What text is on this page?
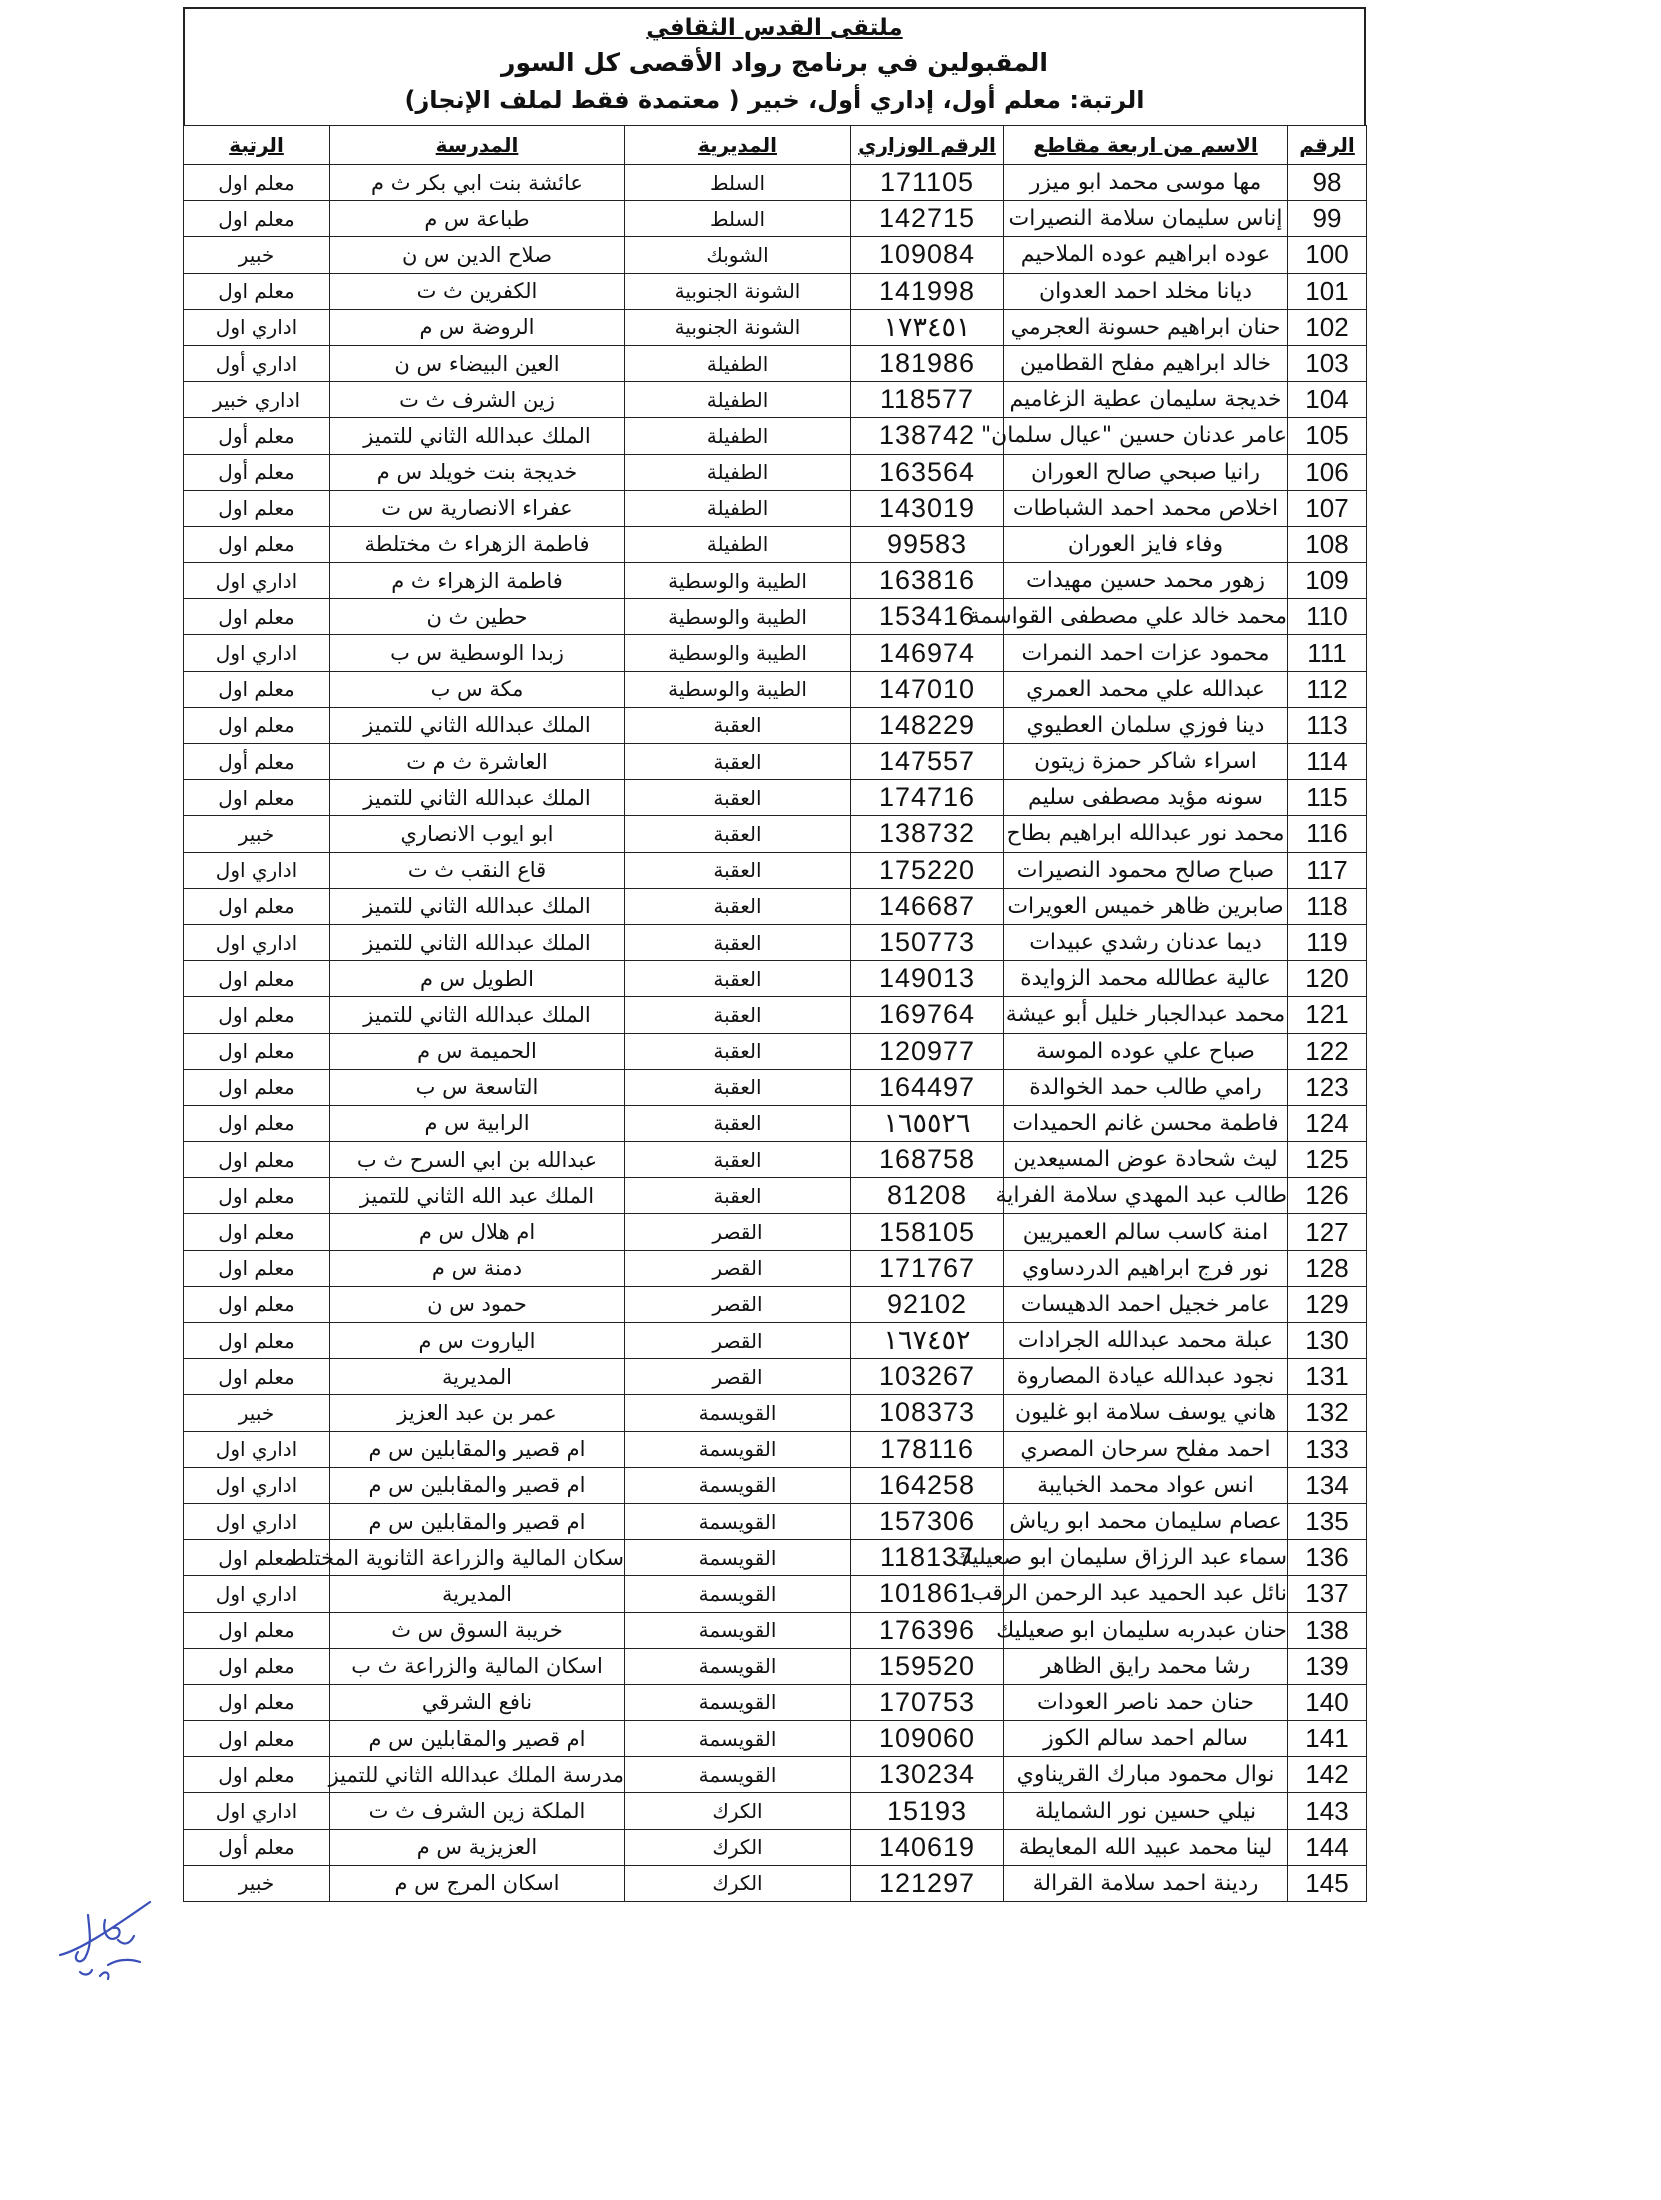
ملتقى القدس الثقافي
المقبولين في برنامج رواد الأقصى كل السور
الرتبة: معلم أول، إداري أول، خبير ( معتمدة فقط لملف الإنجاز)
الرقم	الاسم من اربعة مقاطع	الرقم الوزاري	المديرية	المدرسة	الرتبة
98	مها موسى محمد ابو ميزر	171105	السلط	عائشة بنت ابي بكر ث م	معلم اول
99	إناس سليمان سلامة النصيرات	142715	السلط	طباعة س م	معلم اول
100	عوده ابراهيم عوده الملاحيم	109084	الشوبك	صلاح الدين س ن	خبير
101	ديانا مخلد احمد العدوان	141998	الشونة الجنوبية	الكفرين ث ت	معلم اول
102	حنان ابراهيم حسونة العجرمي	١٧٣٤٥١	الشونة الجنوبية	الروضة س م	اداري اول
103	خالد ابراهيم مفلح القطامين	181986	الطفيلة	العين البيضاء س ن	اداري أول
104	خديجة سليمان عطية الزغاميم	118577	الطفيلة	زين الشرف ث ت	اداري خبير
105	عامر عدنان حسين "عيال سلمان"	138742	الطفيلة	الملك عبدالله الثاني للتميز	معلم أول
106	رانيا صبحي صالح العوران	163564	الطفيلة	خديجة بنت خويلد س م	معلم أول
107	اخلاص محمد احمد الشباطات	143019	الطفيلة	عفراء الانصارية س ت	معلم اول
108	وفاء فايز العوران	99583	الطفيلة	فاطمة الزهراء ث مختلطة	معلم اول
109	زهور محمد حسين مهيدات	163816	الطيبة والوسطية	فاطمة الزهراء ث م	اداري اول
110	محمد خالد علي مصطفى القواسمة	153416	الطيبة والوسطية	حطين ث ن	معلم اول
111	محمود عزات احمد النمرات	146974	الطيبة والوسطية	زبدا الوسطية س ب	اداري اول
112	عبدالله علي محمد العمري	147010	الطيبة والوسطية	مكة س ب	معلم اول
113	دينا فوزي سلمان العطيوي	148229	العقبة	الملك عبدالله الثاني للتميز	معلم اول
114	اسراء شاكر حمزة زيتون	147557	العقبة	العاشرة ث م ت	معلم أول
115	سونه مؤيد مصطفى سليم	174716	العقبة	الملك عبدالله الثاني للتميز	معلم اول
116	محمد نور عبدالله ابراهيم بطاح	138732	العقبة	ابو ايوب الانصاري	خبير
117	صباح صالح محمود النصيرات	175220	العقبة	قاع النقب ث ت	اداري اول
118	صابرين ظاهر خميس العويرات	146687	العقبة	الملك عبدالله الثاني للتميز	معلم اول
119	ديما عدنان رشدي عبيدات	150773	العقبة	الملك عبدالله الثاني للتميز	اداري اول
120	عالية عطالله محمد الزوايدة	149013	العقبة	الطويل س م	معلم اول
121	محمد عبدالجبار خليل أبو عيشة	169764	العقبة	الملك عبدالله الثاني للتميز	معلم اول
122	صباح علي عوده الموسة	120977	العقبة	الحميمة س م	معلم اول
123	رامي طالب حمد الخوالدة	164497	العقبة	التاسعة س ب	معلم اول
124	فاطمة محسن غانم الحميدات	١٦٥٥٢٦	العقبة	الرابية س م	معلم اول
125	ليث شحادة عوض المسيعدين	168758	العقبة	عبدالله بن ابي السرح ث ب	معلم اول
126	طالب عبد المهدي سلامة الفراية	81208	العقبة	الملك عبد الله الثاني للتميز	معلم اول
127	امنة كاسب سالم العميريين	158105	القصر	ام هلال س م	معلم اول
128	نور فرج ابراهيم الدردساوي	171767	القصر	دمنة س م	معلم اول
129	عامر خجيل احمد الدهيسات	92102	القصر	حمود س ن	معلم اول
130	عبلة محمد عبدالله الجرادات	١٦٧٤٥٢	القصر	الياروت س م	معلم اول
131	نجود عبدالله عيادة المصاروة	103267	القصر	المديرية	معلم اول
132	هاني يوسف سلامة ابو غليون	108373	القويسمة	عمر بن عبد العزيز	خبير
133	احمد مفلح سرحان المصري	178116	القويسمة	ام قصير والمقابلين س م	اداري اول
134	انس عواد محمد الخبايبة	164258	القويسمة	ام قصير والمقابلين س م	اداري اول
135	عصام سليمان محمد ابو رياش	157306	القويسمة	ام قصير والمقابلين س م	اداري اول
136	سماء عبد الرزاق سليمان ابو صعيليك	118137	القويسمة	سكان المالية والزراعة الثانوية المختلط	معلم اول
137	نائل عبد الحميد عبد الرحمن الرقب	101861	القويسمة	المديرية	اداري اول
138	حنان عبدربه سليمان ابو صعيليك	176396	القويسمة	خريبة السوق س ث	معلم اول
139	رشا محمد رايق الظاهر	159520	القويسمة	اسكان المالية والزراعة ث ب	معلم اول
140	حنان حمد ناصر العودات	170753	القويسمة	نافع الشرقي	معلم اول
141	سالم احمد سالم الكوز	109060	القويسمة	ام قصير والمقابلين س م	معلم اول
142	نوال محمود مبارك القريناوي	130234	القويسمة	مدرسة الملك عبدالله الثاني للتميز	معلم اول
143	نيلي حسين نور الشمايلة	15193	الكرك	الملكة زين الشرف ث ت	اداري اول
144	لينا محمد عبيد الله المعايطة	140619	الكرك	العزيزية س م	معلم أول
145	ردينة احمد سلامة القرالة	121297	الكرك	اسكان المرج س م	خبير
